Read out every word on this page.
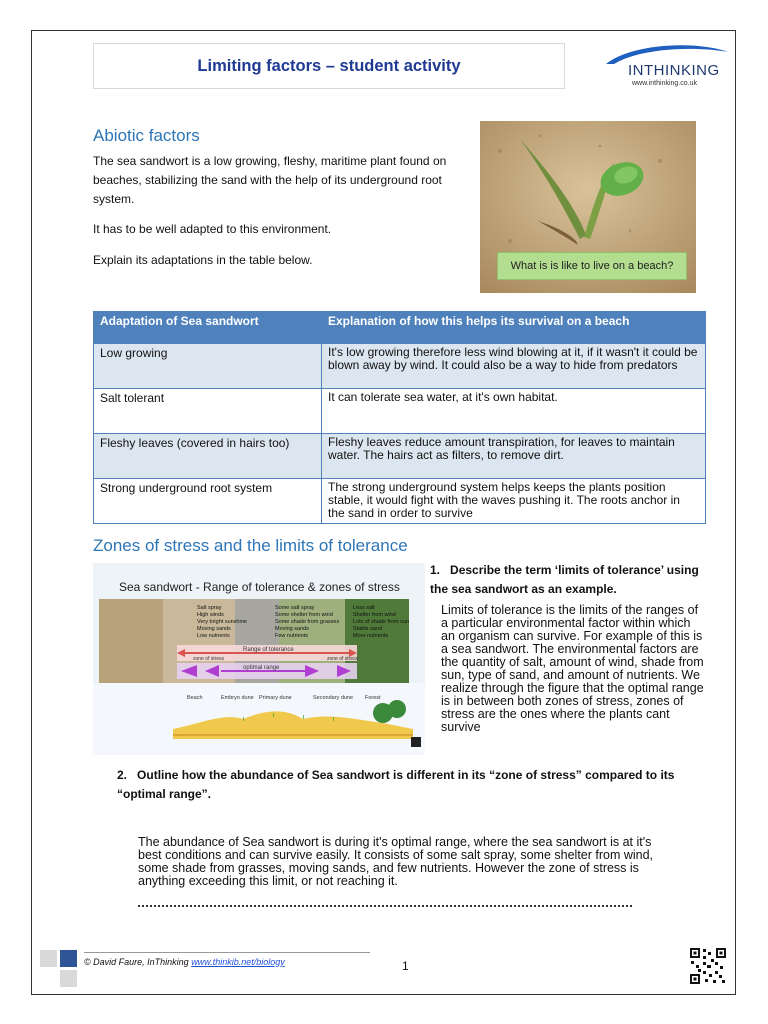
Limiting factors – student activity	INTHINKING
www.inthinking.co.uk
Abiotic factors
The sea sandwort is a low growing, fleshy, maritime plant found on beaches, stabilizing the sand with the help of its underground root system.
It has to be well adapted to this environment.
Explain its adaptations in the table below.	What is is like to live on a beach?
Adaptation of Sea sandwort	Explanation of how this helps its survival on a beach
Low growing	It's low growing therefore less wind blowing at it, if it wasn't it could be blown away by wind. It could also be a way to hide from predators
Salt tolerant	It can tolerate sea water, at it's own habitat.
Fleshy leaves (covered in hairs too)	Fleshy leaves reduce amount transpiration, for leaves to maintain water. The hairs act as filters, to remove dirt.
Strong underground root system	The strong underground system helps keeps the plants position stable, it would fight with the waves pushing it. The roots anchor in the sand in order to survive
Zones of stress and the limits of tolerance
Sea sandwort - Range of tolerance & zones of stress
Salt spray
High winds
Very bright sunshine
Moving sands
Low nutrients
Some salt spray
Some shelter from wind
Some shade from grasses
Moving sands
Few nutrients
Less salt
Shelter from wind
Lots of shade from sun
Stable sand
More nutrients
Range of tolerance
optimal range
zone of stress	zone of stress
Beach	Embryo dune Primary dune	Secondary dune Forest
1. Describe the term ‘limits of tolerance’ using the sea sandwort as an example.
Limits of tolerance is the limits of the ranges of a particular environmental factor within which an organism can survive. For example of this is a sea sandwort. The environmental factors are the quantity of salt, amount of wind, shade from sun, type of sand, and amount of nutrients. We realize through the figure that the optimal range is in between both zones of stress, zones of stress are the ones where the plants cant survive
2. Outline how the abundance of Sea sandwort is different in its “zone of stress” compared to its “optimal range”.
The abundance of Sea sandwort is during it's optimal range, where the sea sandwort is at it's best conditions and can survive easily. It consists of some salt spray, some shelter from wind, some shade from grasses, moving sands, and few nutrients. However the zone of stress is anything exceeding this limit, or not reaching it.
© David Faure, InThinking www.thinkib.net/biology	1
